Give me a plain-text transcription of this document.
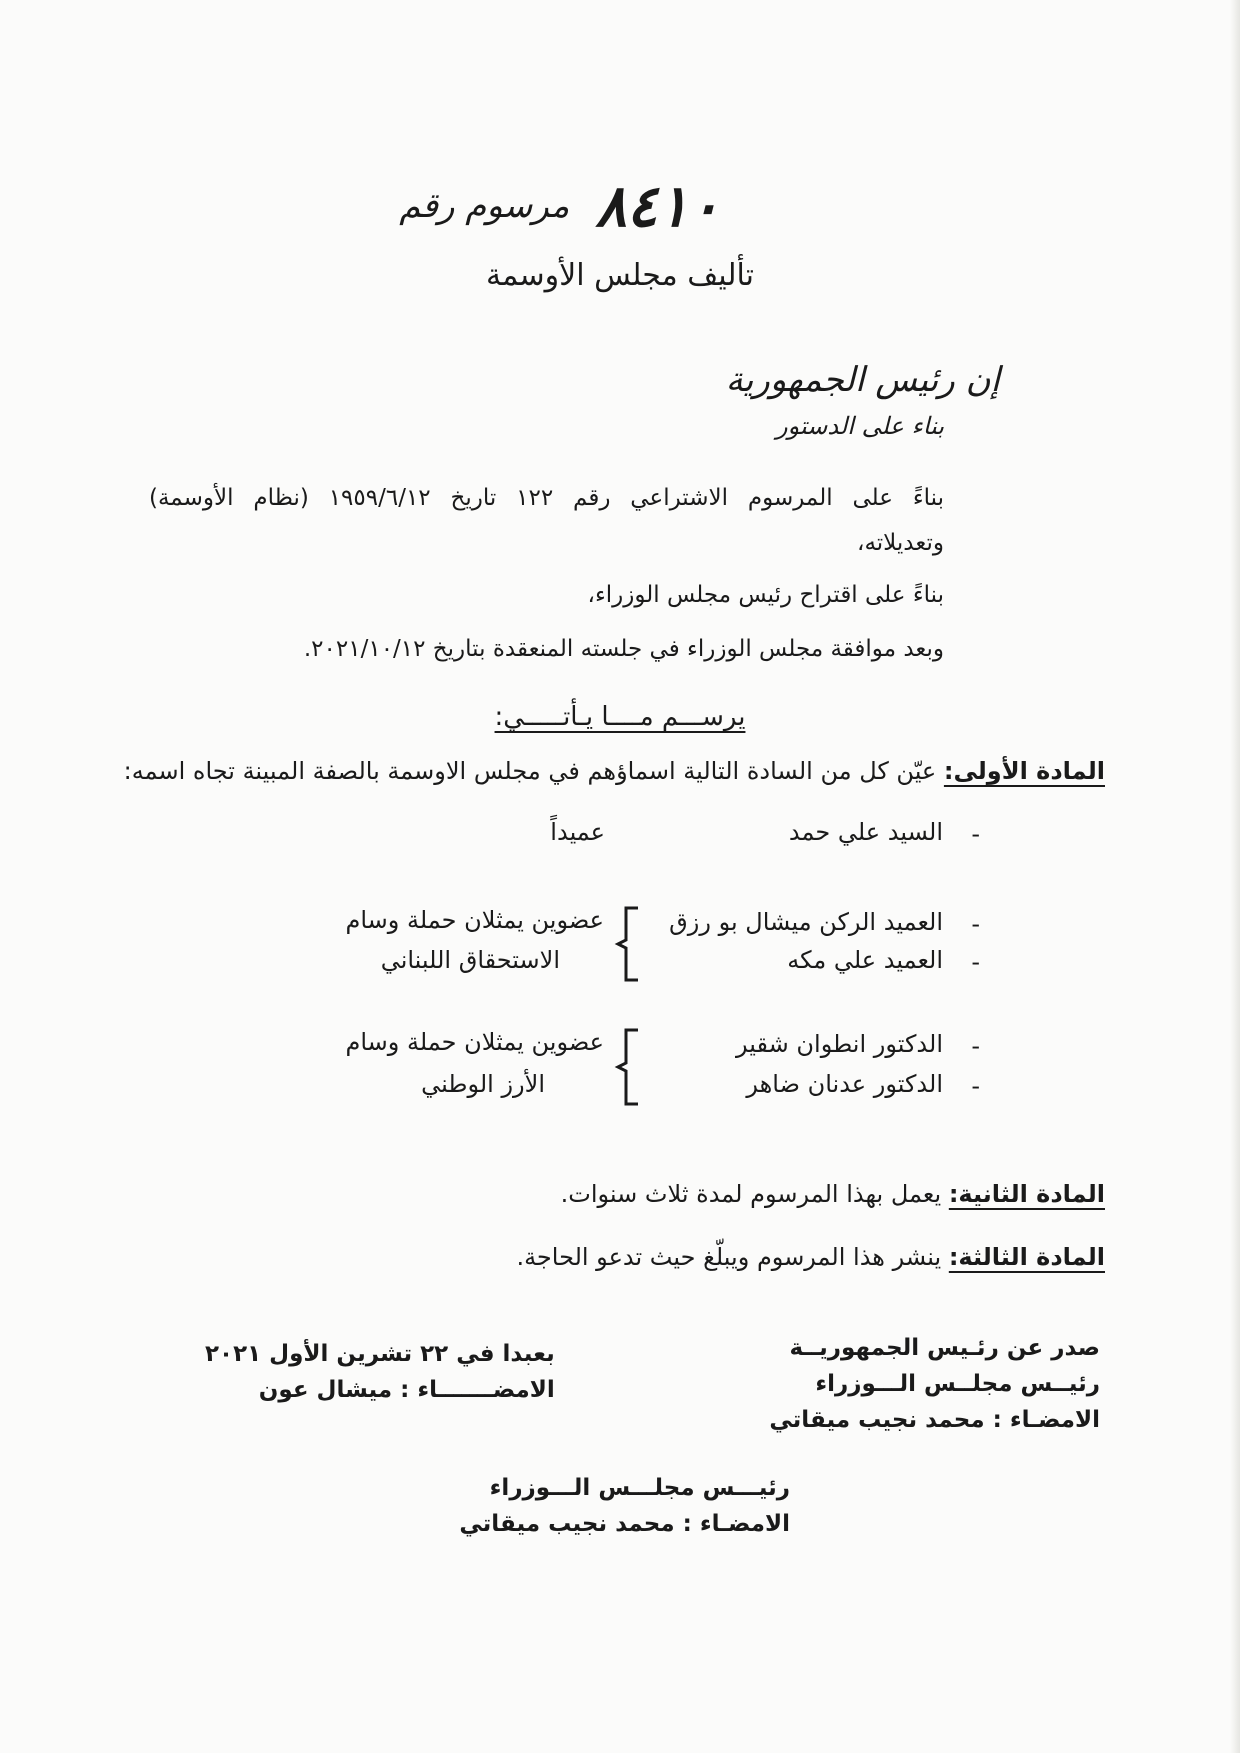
٨٤١٠
مرسوم رقم
تأليف مجلس الأوسمة
إن رئيس الجمهورية
بناء على الدستور
بناءً على المرسوم الاشتراعي رقم ١٢٢ تاريخ ١٩٥٩/٦/١٢ (نظام الأوسمة)
وتعديلاته،
بناءً على اقتراح رئيس مجلس الوزراء،
وبعد موافقة مجلس الوزراء في جلسته المنعقدة بتاريخ ٢٠٢١/١٠/١٢.
يرســـم مــــا يـأتـــــي:
المادة الأولى: عيّن كل من السادة التالية اسماؤهم في مجلس الاوسمة بالصفة المبينة تجاه اسمه:
-
السيد علي حمد
عميداً
-
العميد الركن ميشال بو رزق
-
العميد علي مكه
عضوين يمثلان حملة وسام
الاستحقاق اللبناني
-
الدكتور انطوان شقير
-
الدكتور عدنان ضاهر
عضوين يمثلان حملة وسام
الأرز الوطني
المادة الثانية: يعمل بهذا المرسوم لمدة ثلاث سنوات.
المادة الثالثة: ينشر هذا المرسوم ويبلّغ حيث تدعو الحاجة.
صدر عن رئـيس الجمهوريــة
رئيــس مجلــس الـــوزراء
الامضـاء : محمد نجيب ميقاتي
بعبدا في ٢٢ تشرين الأول ٢٠٢١
الامضـــــــاء : ميشال عون
رئيـــس مجلـــس الـــوزراء
الامضـاء : محمد نجيب ميقاتي
